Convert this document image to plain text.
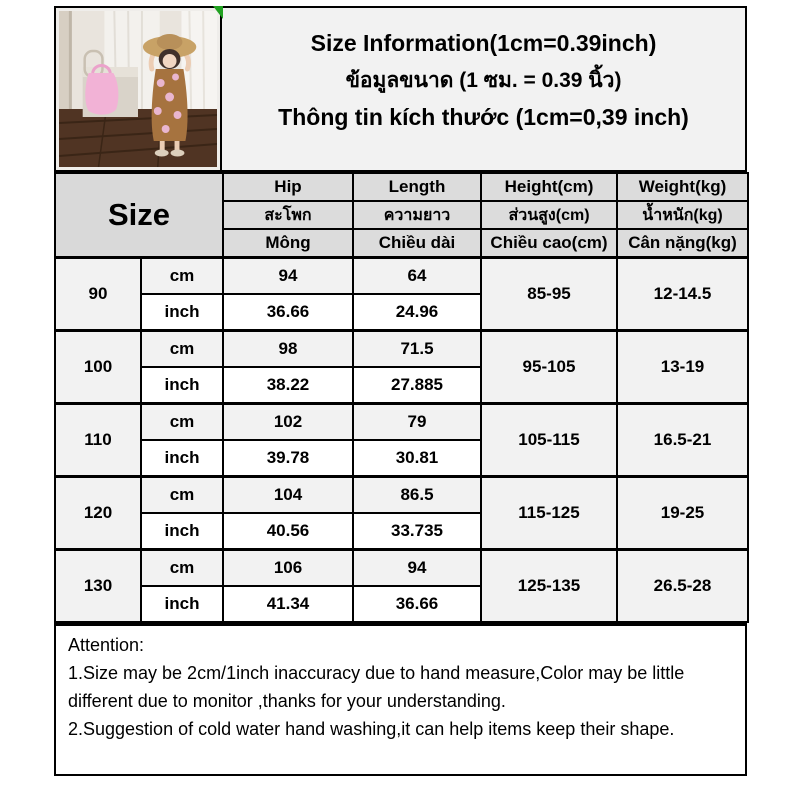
Size Information(1cm=0.39inch)
ข้อมูลขนาด (1 ซม. = 0.39 นิ้ว)
Thông tin kích thước (1cm=0,39 inch)
Size		Hip	Length	Height(cm)	Weight(kg)
		สะโพก	ความยาว	ส่วนสูง(cm)	น้ำหนัก(kg)
		Mông	Chiều dài	Chiều cao(cm)	Cân nặng(kg)
90	cm	94	64	85-95	12-14.5
	inch	36.66	24.96		
100	cm	98	71.5	95-105	13-19
	inch	38.22	27.885		
110	cm	102	79	105-115	16.5-21
	inch	39.78	30.81		
120	cm	104	86.5	115-125	19-25
	inch	40.56	33.735		
130	cm	106	94	125-135	26.5-28
	inch	41.34	36.66		
Attention:
1.Size may be 2cm/1inch inaccuracy due to hand measure,Color may be little different due to monitor ,thanks for your understanding.
2.Suggestion of cold water hand washing,it can help items keep their shape.
